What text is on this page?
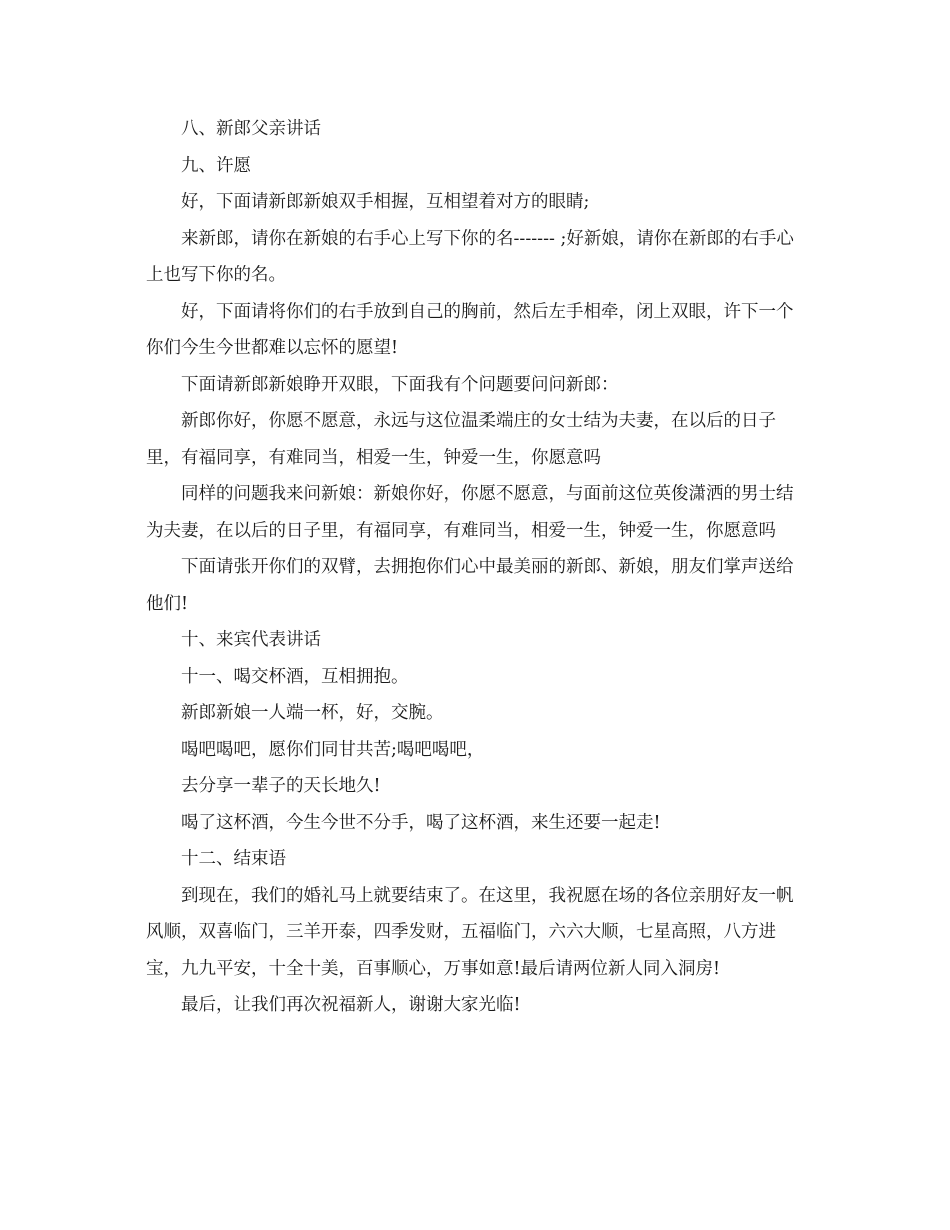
八、新郎父亲讲话

九、许愿

好，下面请新郎新娘双手相握，互相望着对方的眼睛;

来新郎，请你在新娘的右手心上写下你的名------- ;好新娘，请你在新郎的右手心上也写下你的名。

好，下面请将你们的右手放到自己的胸前，然后左手相牵，闭上双眼，许下一个你们今生今世都难以忘怀的愿望!

下面请新郎新娘睁开双眼，下面我有个问题要问问新郎：

新郎你好，你愿不愿意，永远与这位温柔端庄的女士结为夫妻，在以后的日子里，有福同享，有难同当，相爱一生，钟爱一生，你愿意吗

同样的问题我来问新娘：新娘你好，你愿不愿意，与面前这位英俊潇洒的男士结为夫妻，在以后的日子里，有福同享，有难同当，相爱一生，钟爱一生，你愿意吗

下面请张开你们的双臂，去拥抱你们心中最美丽的新郎、新娘，朋友们掌声送给他们!

十、来宾代表讲话

十一、喝交杯酒，互相拥抱。

新郎新娘一人端一杯，好，交腕。

喝吧喝吧，愿你们同甘共苦;喝吧喝吧，

去分享一辈子的天长地久!

喝了这杯酒，今生今世不分手，喝了这杯酒，来生还要一起走!

十二、结束语

到现在，我们的婚礼马上就要结束了。在这里，我祝愿在场的各位亲朋好友一帆风顺，双喜临门，三羊开泰，四季发财，五福临门，六六大顺，七星高照，八方进宝，九九平安，十全十美，百事顺心，万事如意!最后请两位新人同入洞房!

最后，让我们再次祝福新人，谢谢大家光临!
